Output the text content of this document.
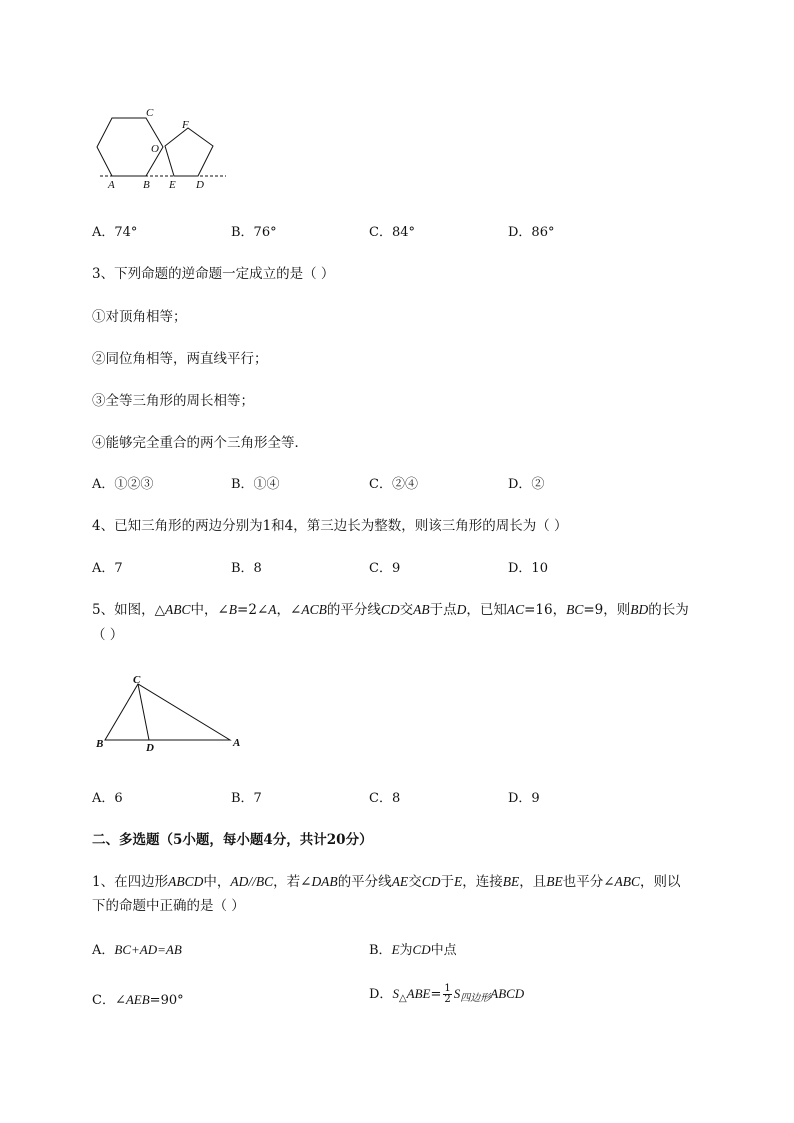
C
F
O
A	B E D
A．74°	B．76°	C．84°	D．86°
3、下列命题的逆命题一定成立的是（ ）
①对顶角相等；
②同位角相等，两直线平行；
③全等三角形的周长相等；
④能够完全重合的两个三角形全等．
A．①②③	B．①④	C．②④	D．②
4、已知三角形的两边分别为1和4，第三边长为整数，则该三角形的周长为（ ）
A．7	B．8	C．9	D．10
5、如图，△ABC中，∠B=2∠A，∠ACB的平分线CD交AB于点D，已知AC=16，BC=9，则BD的长为
（ ）
C
B	D	A
A．6	B．7	C．8	D．9
二、多选题（5小题，每小题4分，共计20分）
1、在四边形ABCD中，AD//BC，若∠DAB的平分线AE交CD于E，连接BE，且BE也平分∠ABC，则以
下的命题中正确的是（ ）
A．BC+AD=AB	B．E为CD中点
C．∠AEB=90°	D．$S_\triangle ABE= \frac{1}{2}$ $S_{四边形}ABCD$
